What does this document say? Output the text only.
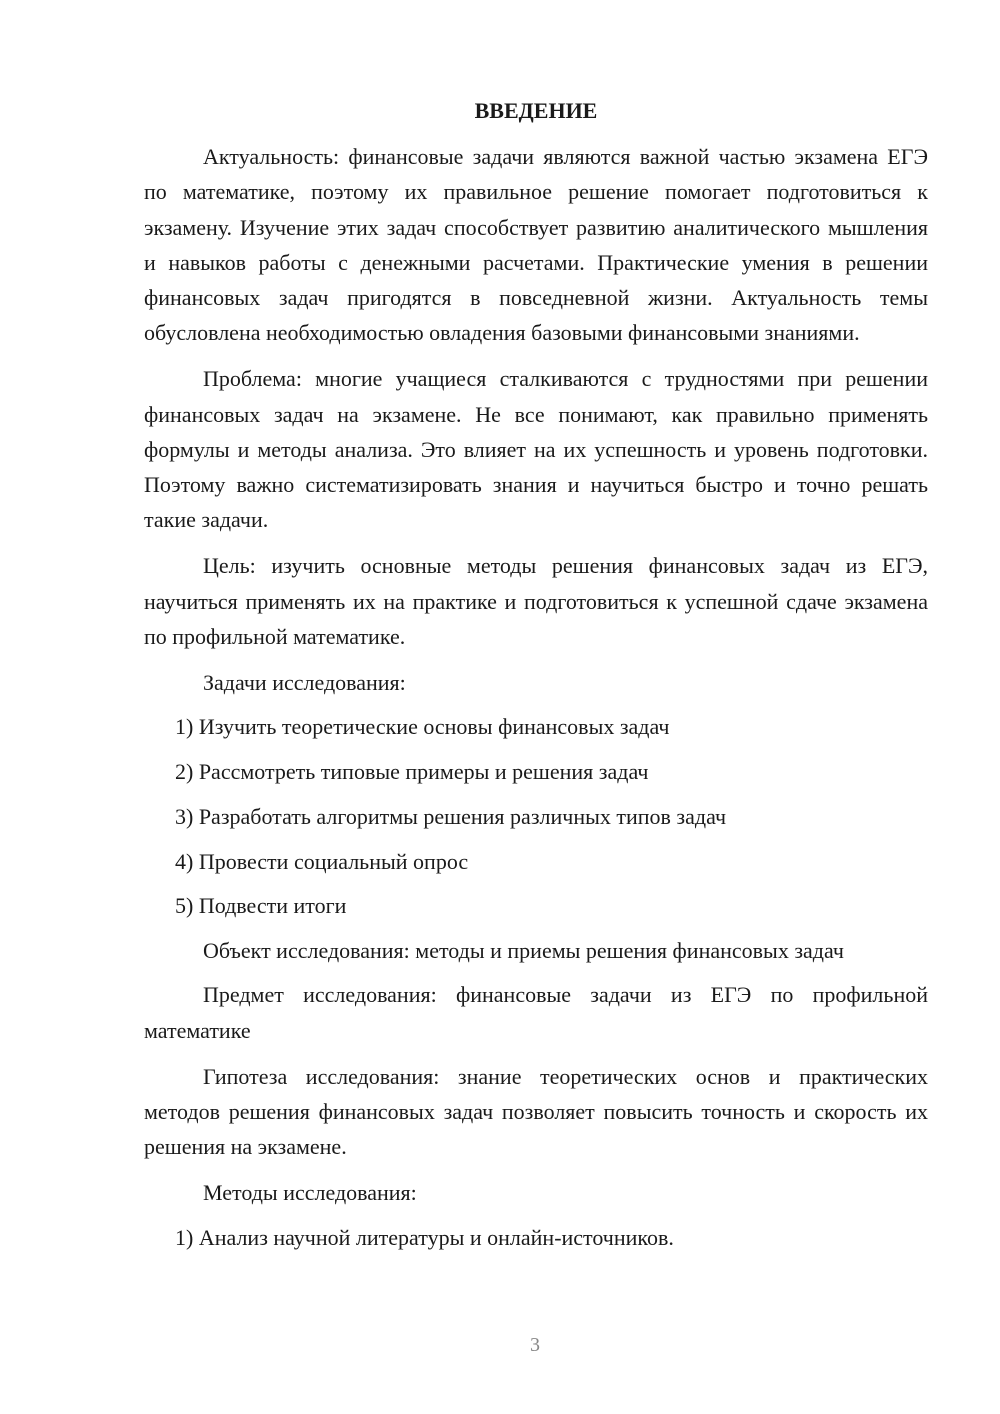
ВВЕДЕНИЕ

Актуальность: финансовые задачи являются важной частью экзамена ЕГЭ по математике, поэтому их правильное решение помогает подготовиться к экзамену. Изучение этих задач способствует развитию аналитического мышления и навыков работы с денежными расчетами. Практические умения в решении финансовых задач пригодятся в повседневной жизни. Актуальность темы обусловлена необходимостью овладения базовыми финансовыми знаниями.

Проблема: многие учащиеся сталкиваются с трудностями при решении финансовых задач на экзамене. Не все понимают, как правильно применять формулы и методы анализа. Это влияет на их успешность и уровень подготовки. Поэтому важно систематизировать знания и научиться быстро и точно решать такие задачи.

Цель: изучить основные методы решения финансовых задач из ЕГЭ, научиться применять их на практике и подготовиться к успешной сдаче экзамена по профильной математике.

Задачи исследования:

1) Изучить теоретические основы финансовых задач
2) Рассмотреть типовые примеры и решения задач
3) Разработать алгоритмы решения различных типов задач
4) Провести социальный опрос
5) Подвести итоги

Объект исследования: методы и приемы решения финансовых задач

Предмет исследования: финансовые задачи из ЕГЭ по профильной математике

Гипотеза исследования: знание теоретических основ и практических методов решения финансовых задач позволяет повысить точность и скорость их решения на экзамене.

Методы исследования:

1) Анализ научной литературы и онлайн-источников.
3
